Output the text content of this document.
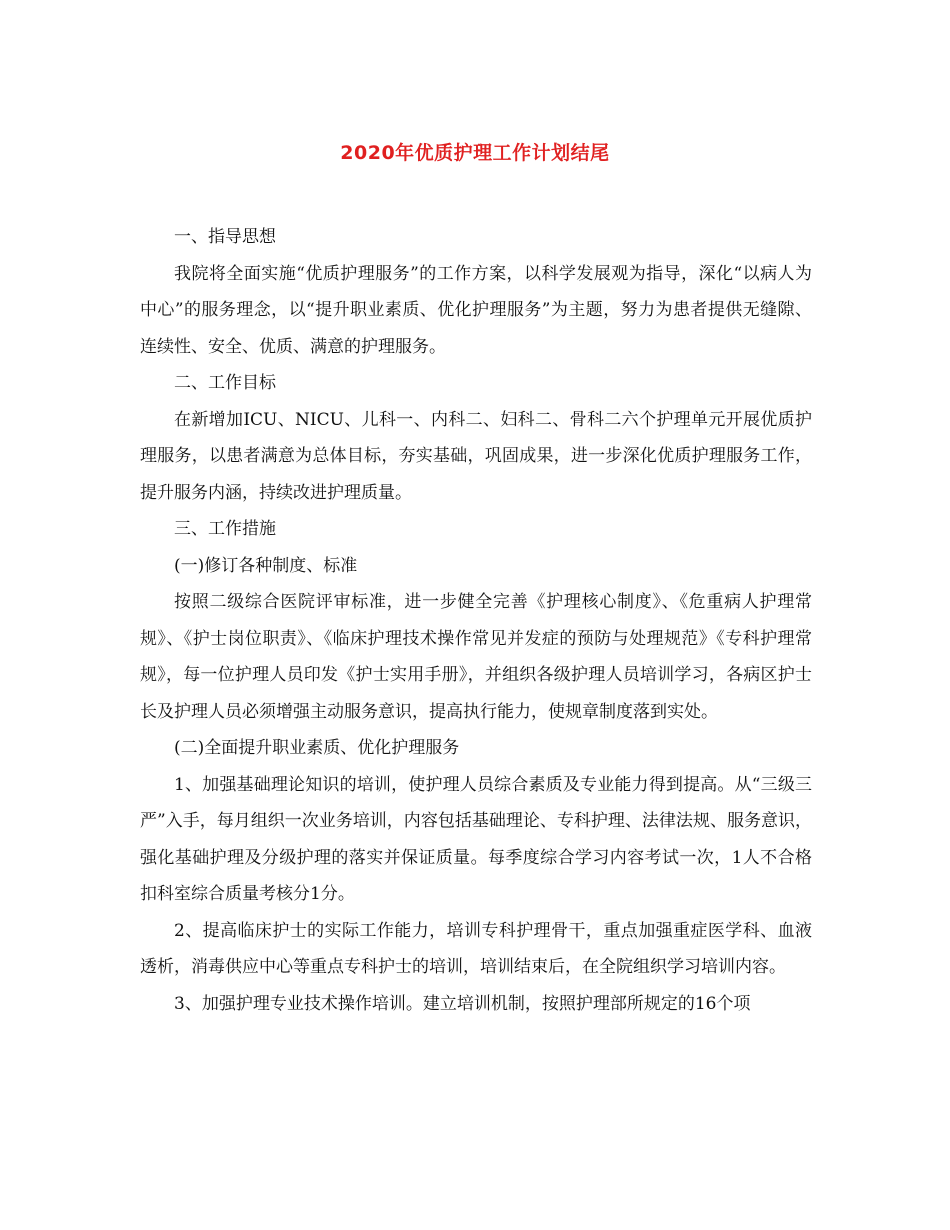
2020年优质护理工作计划结尾

一、指导思想

我院将全面实施“优质护理服务”的工作方案，以科学发展观为指导，深化“以病人为中心”的服务理念，以“提升职业素质、优化护理服务”为主题，努力为患者提供无缝隙、连续性、安全、优质、满意的护理服务。

二、工作目标

在新增加ICU、NICU、儿科一、内科二、妇科二、骨科二六个护理单元开展优质护理服务，以患者满意为总体目标，夯实基础，巩固成果，进一步深化优质护理服务工作，提升服务内涵，持续改进护理质量。

三、工作措施

(一)修订各种制度、标准

按照二级综合医院评审标准，进一步健全完善《护理核心制度》、《危重病人护理常规》、《护士岗位职责》、《临床护理技术操作常见并发症的预防与处理规范》《专科护理常规》，每一位护理人员印发《护士实用手册》，并组织各级护理人员培训学习，各病区护士长及护理人员必须增强主动服务意识，提高执行能力，使规章制度落到实处。

(二)全面提升职业素质、优化护理服务

1、加强基础理论知识的培训，使护理人员综合素质及专业能力得到提高。从“三级三严”入手，每月组织一次业务培训，内容包括基础理论、专科护理、法律法规、服务意识，强化基础护理及分级护理的落实并保证质量。每季度综合学习内容考试一次，1人不合格扣科室综合质量考核分1分。

2、提高临床护士的实际工作能力，培训专科护理骨干，重点加强重症医学科、血液透析，消毒供应中心等重点专科护士的培训，培训结束后，在全院组织学习培训内容。

3、加强护理专业技术操作培训。建立培训机制，按照护理部所规定的16个项
